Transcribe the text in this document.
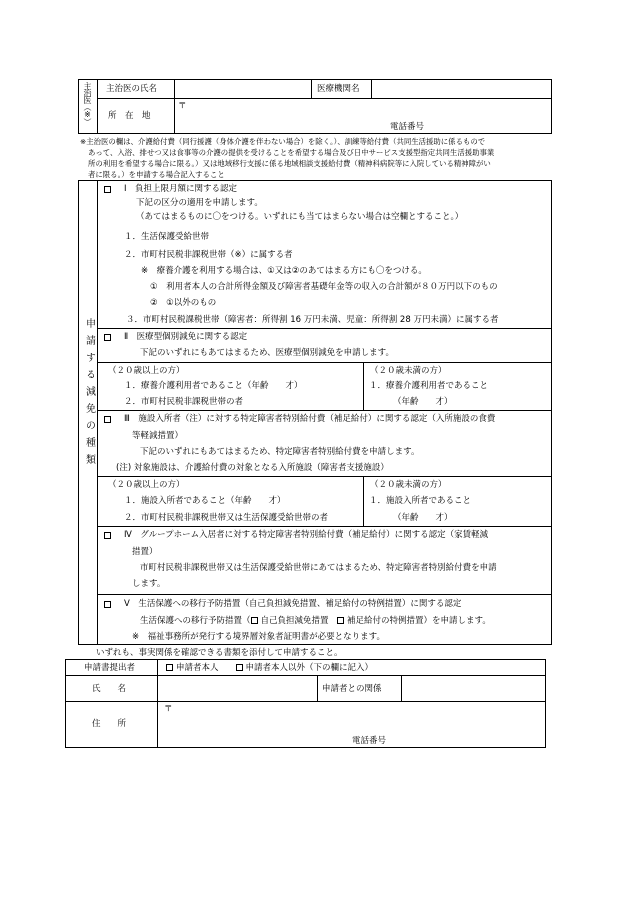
主治医（※） 主治医の氏名	医療機関名
所　在　地
〒
電話番号
※主治医の欄は、介護給付費（同行援護（身体介護を伴わない場合）を除く。）、訓練等給付費（共同生活援助に係るもので
あって、入浴、排せつ又は食事等の介護の提供を受けることを希望する場合及び日中サービス支援型指定共同生活援助事業
所の利用を希望する場合に限る。）又は地域移行支援に係る地域相談支援給付費（精神科病院等に入院している精神障がい
者に限る。）を申請する場合記入すること
申請する減免の種類
Ⅰ　負担上限月額に関する認定
下記の区分の適用を申請します。
（あてはまるものに〇をつける。いずれにも当てはまらない場合は空欄とすること。）
１．生活保護受給世帯
２．市町村民税非課税世帯（※）に属する者
※　療養介護を利用する場合は、①又は②のあてはまる方にも〇をつける。
①　利用者本人の合計所得金額及び障害者基礎年金等の収入の合計額が８０万円以下のもの
②　①以外のもの
３．市町村民税課税世帯（障害者：所得割 16 万円未満、児童：所得割 28 万円未満）に属する者
Ⅱ　医療型個別減免に関する認定
下記のいずれにもあてはまるため、医療型個別減免を申請します。
（２０歳以上の方）	（２０歳未満の方）
１．療養介護利用者であること（年齢　　才）
２．市町村民税非課税世帯の者
１．療養介護利用者であること
（年齢　　才）
Ⅲ　施設入所者（注）に対する特定障害者特別給付費（補足給付）に関する認定（入所施設の食費
等軽減措置）
下記のいずれにもあてはまるため、特定障害者特別給付費を申請します。
(注) 対象施設は、介護給付費の対象となる入所施設（障害者支援施設）
（２０歳以上の方）	（２０歳未満の方）
１．施設入所者であること（年齢　　才）
２．市町村民税非課税世帯又は生活保護受給世帯の者
１．施設入所者であること
（年齢　　才）
Ⅳ　グループホーム入居者に対する特定障害者特別給付費（補足給付）に関する認定（家賃軽減
措置）
市町村民税非課税世帯又は生活保護受給世帯にあてはまるため、特定障害者特別給付費を申請
します。
Ⅴ　生活保護への移行予防措置（自己負担減免措置、補足給付の特例措置）に関する認定
生活保護への移行予防措置（ 自己負担減免措置　補足給付の特例措置）を申請します。
※　福祉事務所が発行する境界層対象者証明書が必要となります。
いずれも、事実関係を確認できる書類を添付して申請すること。
申請書提出者	申請者本人　　	申請者本人以外（下の欄に記入）
氏　　名	申請者との関係
住　　所
〒
電話番号
